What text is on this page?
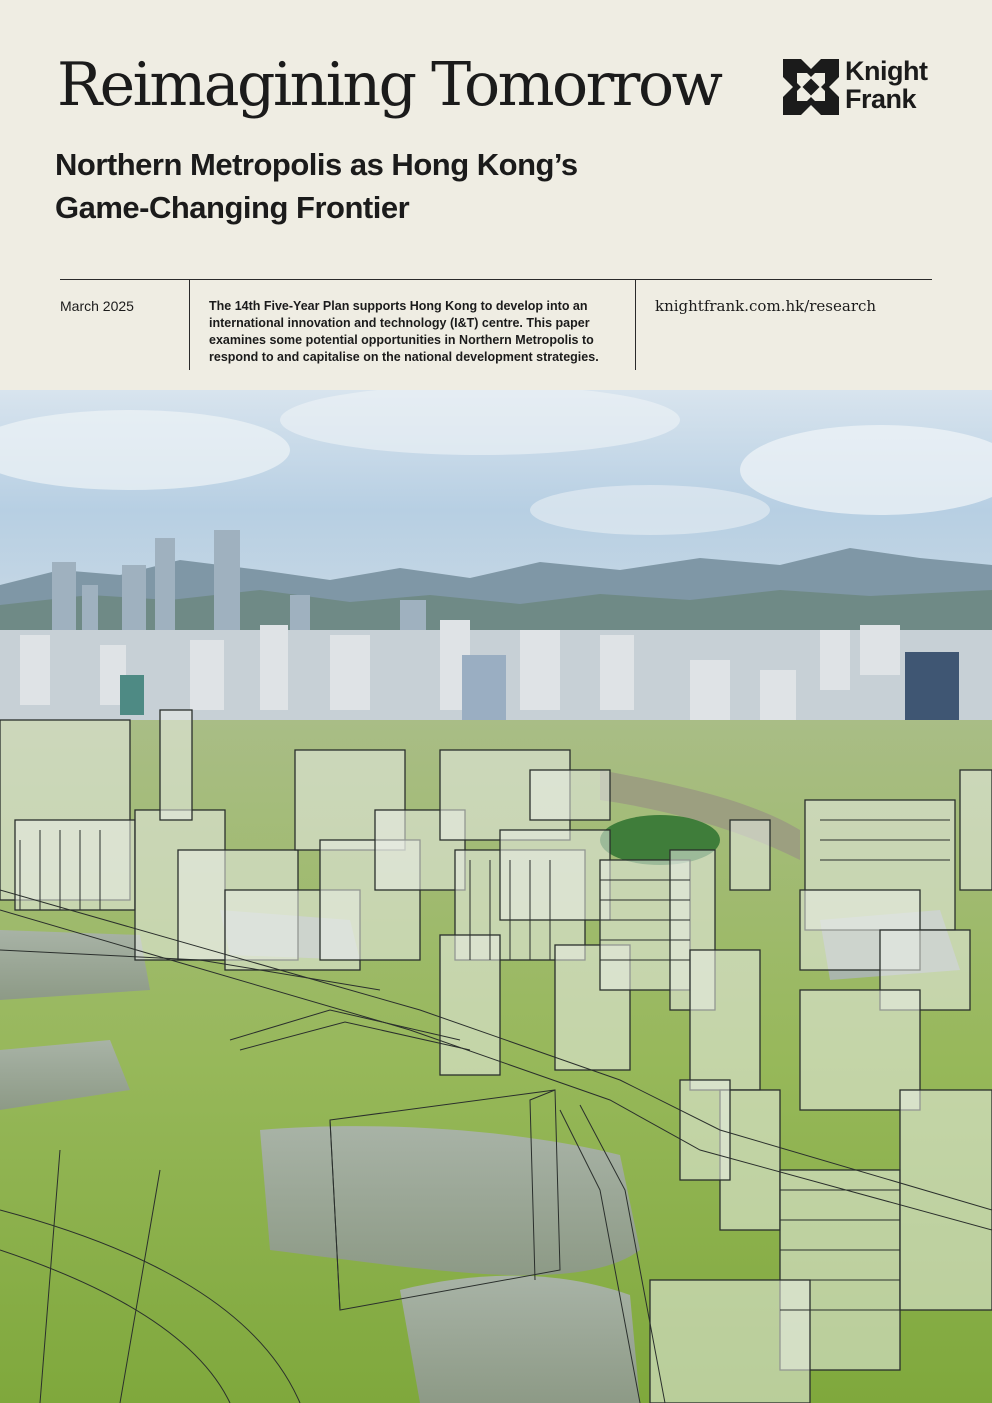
Reimagining Tomorrow	Knight
Frank
Northern Metropolis as Hong Kong’s
Game-Changing Frontier
March 2025	The 14th Five-Year Plan supports Hong Kong to develop into an international innovation and technology (I&T) centre. This paper examines some potential opportunities in Northern Metropolis to respond to and capitalise on the national development strategies.
knightfrank.com.hk/research
